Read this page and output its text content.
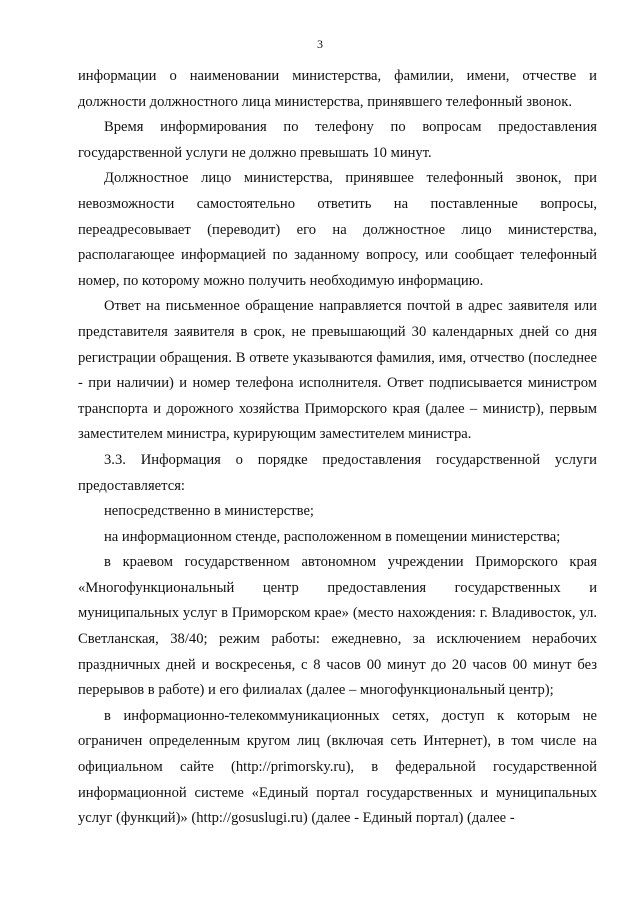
3

информации о наименовании министерства, фамилии, имени, отчестве и должности должностного лица министерства, принявшего телефонный звонок.

Время информирования по телефону по вопросам предоставления государственной услуги не должно превышать 10 минут.

Должностное лицо министерства, принявшее телефонный звонок, при невозможности самостоятельно ответить на поставленные вопросы, переадресовывает (переводит) его на должностное лицо министерства, располагающее информацией по заданному вопросу, или сообщает телефонный номер, по которому можно получить необходимую информацию.

Ответ на письменное обращение направляется почтой в адрес заявителя или представителя заявителя в срок, не превышающий 30 календарных дней со дня регистрации обращения. В ответе указываются фамилия, имя, отчество (последнее - при наличии) и номер телефона исполнителя. Ответ подписывается министром транспорта и дорожного хозяйства Приморского края (далее – министр), первым заместителем министра, курирующим заместителем министра.

3.3. Информация о порядке предоставления государственной услуги предоставляется:

непосредственно в министерстве;

на информационном стенде, расположенном в помещении министерства;

в краевом государственном автономном учреждении Приморского края «Многофункциональный центр предоставления государственных и муниципальных услуг в Приморском крае» (место нахождения: г. Владивосток, ул. Светланская, 38/40; режим работы: ежедневно, за исключением нерабочих праздничных дней и воскресенья, с 8 часов 00 минут до 20 часов 00 минут без перерывов в работе) и его филиалах (далее – многофункциональный центр);

в информационно-телекоммуникационных сетях, доступ к которым не ограничен определенным кругом лиц (включая сеть Интернет), в том числе на официальном сайте (http://primorsky.ru), в федеральной государственной информационной системе «Единый портал государственных и муниципальных услуг (функций)» (http://gosuslugi.ru) (далее - Единый портал) (далее -
